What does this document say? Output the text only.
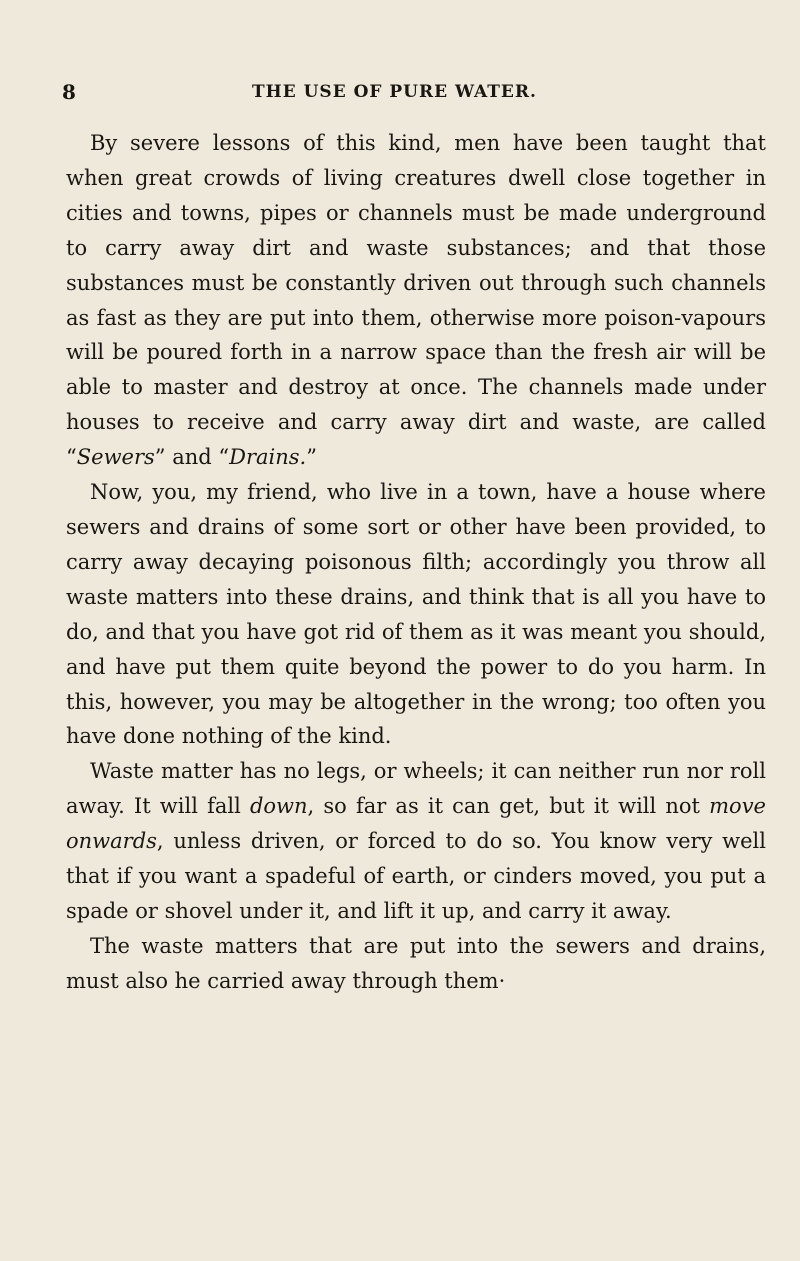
8	THE USE OF PURE WATER.

By severe lessons of this kind, men have been taught that when great crowds of living creatures dwell close together in cities and towns, pipes or channels must be made underground to carry away dirt and waste substances; and that those substances must be constantly driven out through such channels as fast as they are put into them, otherwise more poison-vapours will be poured forth in a narrow space than the fresh air will be able to master and destroy at once. The channels made under houses to receive and carry away dirt and waste, are called “Sewers” and “Drains.”

Now, you, my friend, who live in a town, have a house where sewers and drains of some sort or other have been provided, to carry away decaying poisonous filth; accordingly you throw all waste matters into these drains, and think that is all you have to do, and that you have got rid of them as it was meant you should, and have put them quite beyond the power to do you harm. In this, however, you may be altogether in the wrong; too often you have done nothing of the kind.

Waste matter has no legs, or wheels; it can neither run nor roll away. It will fall down, so far as it can get, but it will not move onwards, unless driven, or forced to do so. You know very well that if you want a spadeful of earth, or cinders moved, you put a spade or shovel under it, and lift it up, and carry it away.

The waste matters that are put into the sewers and drains, must also he carried away through them·
